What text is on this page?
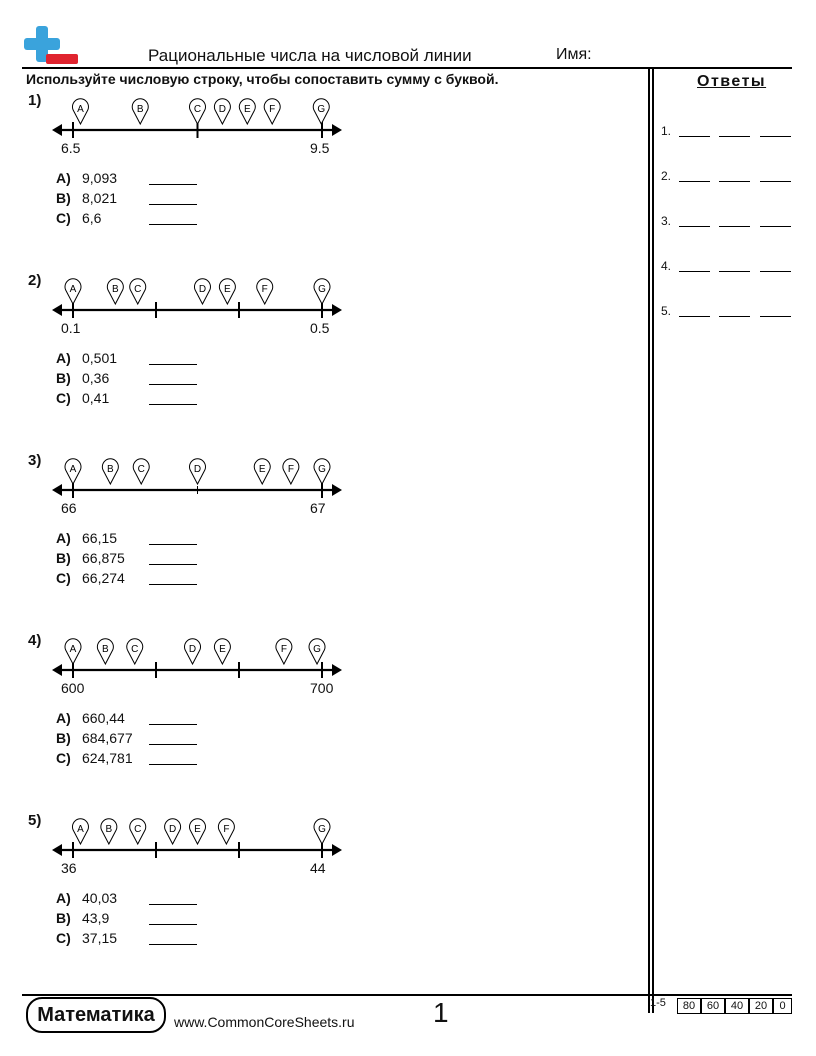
Рациональные числа на числовой линии	Имя:
Используйте числовую строку, чтобы сопоставить сумму с буквой.	Ответы
1.
2.
3.
4.
5.
1)
A	B	C D E F	G
6.5	9.5
A) 9,093
B) 8,021
C) 6,6
2)
A	B C	D E	F	G
0.1	0.5
A) 0,501
B) 0,36
C) 0,41
3)
A	B C	D	E F G
66	67
A) 66,15
B) 66,875
C) 66,274
4)
A	B C	D E	F	G
600	700
A) 660,44
B) 684,677
C) 624,781
5)
A B C	D E F	G
36	44
A) 40,03
B) 43,9
C) 37,15
Математика	www.CommonCoreSheets.ru	1	1-5	80	60	40	20	0
